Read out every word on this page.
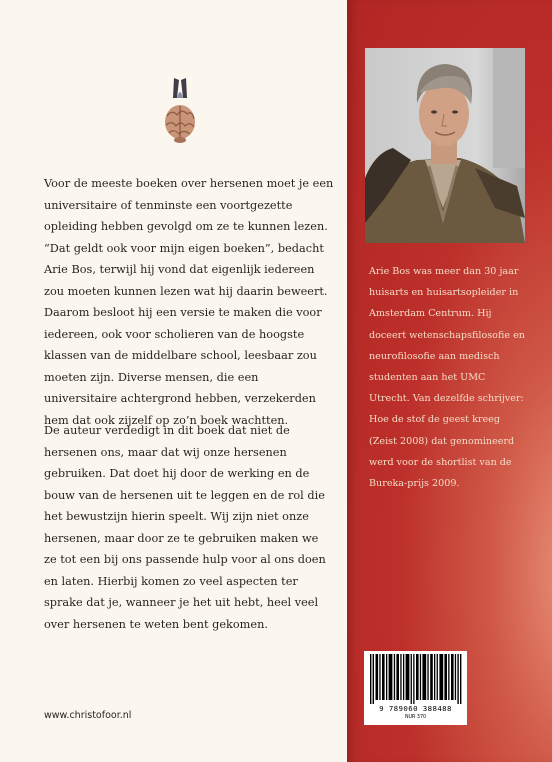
Voor de meeste boeken over hersenen moet je een universitaire of tenminste een voortgezette opleiding hebben gevolgd om ze te kunnen lezen. “Dat geldt ook voor mijn eigen boeken”, bedacht Arie Bos, terwijl hij vond dat eigenlijk iedereen zou moeten kunnen lezen wat hij daarin beweert. Daarom besloot hij een versie te maken die voor iedereen, ook voor scholieren van de hoogste klassen van de middelbare school, leesbaar zou moeten zijn. Diverse mensen, die een universitaire achtergrond hebben, verzekerden hem dat ook zijzelf op zo’n boek wachtten.

De auteur verdedigt in dit boek dat niet de hersenen ons, maar dat wij onze hersenen gebruiken. Dat doet hij door de werking en de bouw van de hersenen uit te leggen en de rol die het bewustzijn hierin speelt. Wij zijn niet onze hersenen, maar door ze te gebruiken maken we ze tot een bij ons passende hulp voor al ons doen en laten. Hierbij komen zo veel aspecten ter sprake dat je, wanneer je het uit hebt, heel veel over hersenen te weten bent gekomen.

www.christofoor.nl
Arie Bos was meer dan 30 jaar huisarts en huisartsopleider in Amsterdam Centrum. Hij doceert wetenschapsfilosofie en neurofilosofie aan medisch studenten aan het UMC Utrecht. Van dezelfde schrijver: Hoe de stof de geest kreeg (Zeist 2008) dat genomineerd werd voor de shortlist van de Bureka-prijs 2009.
9 789060 388488
NUR 370
